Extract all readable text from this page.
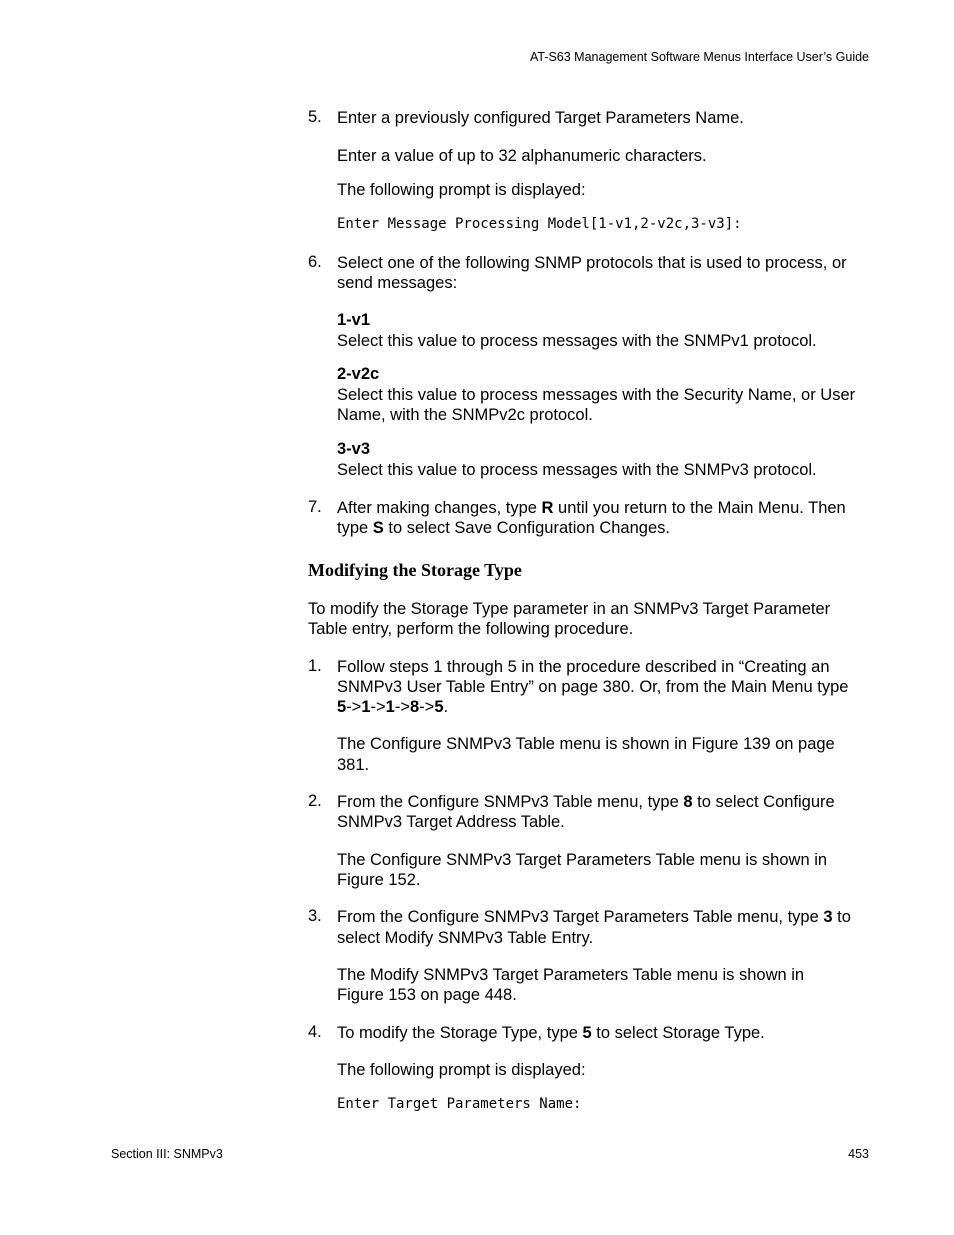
AT-S63 Management Software Menus Interface User’s Guide
5. Enter a previously configured Target Parameters Name.
Enter a value of up to 32 alphanumeric characters.
The following prompt is displayed:
Enter Message Processing Model[1-v1,2-v2c,3-v3]:
6. Select one of the following SNMP protocols that is used to process, or
send messages:
1-v1
Select this value to process messages with the SNMPv1 protocol.
2-v2c
Select this value to process messages with the Security Name, or User
Name, with the SNMPv2c protocol.
3-v3
Select this value to process messages with the SNMPv3 protocol.
7. After making changes, type R until you return to the Main Menu. Then
type S to select Save Configuration Changes.
Modifying the Storage Type
To modify the Storage Type parameter in an SNMPv3 Target Parameter
Table entry, perform the following procedure.
1. Follow steps 1 through 5 in the procedure described in “Creating an
SNMPv3 User Table Entry” on page 380. Or, from the Main Menu type
5->1->1->8->5.
The Configure SNMPv3 Table menu is shown in Figure 139 on page
381.
2. From the Configure SNMPv3 Table menu, type 8 to select Configure
SNMPv3 Target Address Table.
The Configure SNMPv3 Target Parameters Table menu is shown in
Figure 152.
3. From the Configure SNMPv3 Target Parameters Table menu, type 3 to
select Modify SNMPv3 Table Entry.
The Modify SNMPv3 Target Parameters Table menu is shown in
Figure 153 on page 448.
4. To modify the Storage Type, type 5 to select Storage Type.
The following prompt is displayed:
Enter Target Parameters Name:
Section III: SNMPv3	453
